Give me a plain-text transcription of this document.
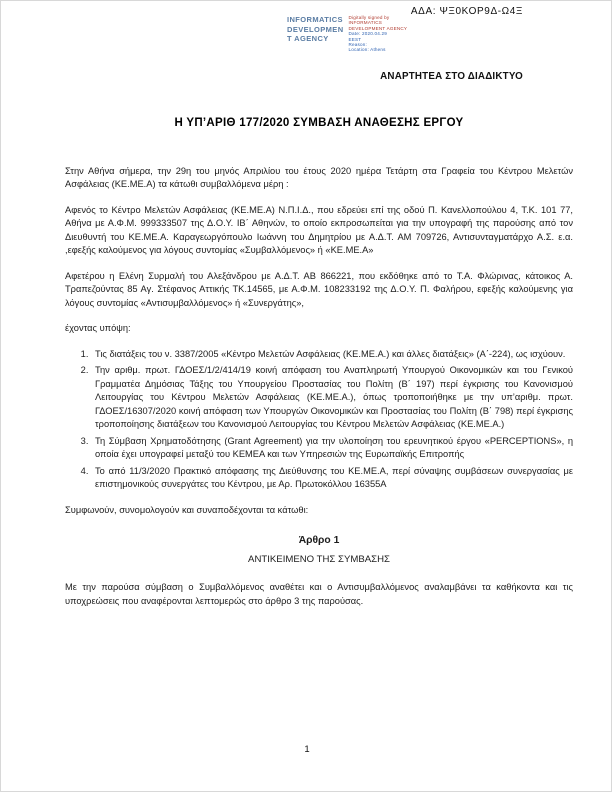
ΑΔΑ: ΨΞ0ΚΟΡ9Δ-Ω4Ξ
INFORMATICS
DEVELOPMEN
T AGENCY
Digitally signed by
INFORMATICS
DEVELOPMENT AGENCY
Date: 2020.04.29
EEST
Reason:
Location: Athens
ΑΝΑΡΤΗΤΕΑ ΣΤΟ ΔΙΑΔΙΚΤΥΟ
Η ΥΠ’ΑΡΙΘ 177/2020 ΣΥΜΒΑΣΗ ΑΝΑΘΕΣΗΣ ΕΡΓΟΥ

Στην Αθήνα σήμερα, την 29η του μηνός Απριλίου του έτους 2020 ημέρα Τετάρτη στα Γραφεία του Κέντρου Μελετών Ασφάλειας (ΚΕ.ΜΕ.Α) τα κάτωθι συμβαλλόμενα μέρη :

Αφενός το Κέντρο Μελετών Ασφάλειας (ΚΕ.ΜΕ.Α) Ν.Π.Ι.Δ., που εδρεύει επί της οδού Π. Κανελλοπούλου 4, Τ.Κ. 101 77, Αθήνα με Α.Φ.Μ. 999333507 της Δ.Ο.Υ. ΙΒ΄ Αθηνών, το οποίο εκπροσωπείται για την υπογραφή της παρούσης από τον Διευθυντή του ΚΕ.ΜΕ.Α. Καραγεωργόπουλο Ιωάννη του Δημητρίου με Α.Δ.Τ. ΑΜ 709726, Αντισυνταγματάρχο Α.Σ. ε.α. ,εφεξής καλούμενος για λόγους συντομίας «Συμβαλλόμενος» ή «ΚΕ.ΜΕ.Α»

Αφετέρου η Ελένη Συρμαλή του Αλεξάνδρου με Α.Δ.Τ. ΑΒ 866221, που εκδόθηκε από το Τ.Α. Φλώρινας, κάτοικος Α. Τραπεζούντας 85 Αγ. Στέφανος Αττικής ΤΚ.14565, με Α.Φ.Μ. 108233192 της Δ.Ο.Υ. Π. Φαλήρου, εφεξής καλούμενης για λόγους συντομίας «Αντισυμβαλλόμενος» ή «Συνεργάτης»,

έχοντας υπόψη:

1. Τις διατάξεις του ν. 3387/2005 «Κέντρο Μελετών Ασφάλειας (ΚΕ.ΜΕ.Α.) και άλλες διατάξεις» (Α΄-224), ως ισχύουν.
2. Την αριθμ. πρωτ. ΓΔΟΕΣ/1/2/414/19 κοινή απόφαση του Αναπληρωτή Υπουργού Οικονομικών και του Γενικού Γραμματέα Δημόσιας Τάξης του Υπουργείου Προστασίας του Πολίτη (Β΄ 197) περί έγκρισης του Κανονισμού Λειτουργίας του Κέντρου Μελετών Ασφάλειας (ΚΕ.ΜΕ.Α.), όπως τροποποιήθηκε με την υπ’αριθμ. πρωτ. ΓΔΟΕΣ/16307/2020 κοινή απόφαση των Υπουργών Οικονομικών και Προστασίας του Πολίτη (Β΄ 798) περί έγκρισης τροποποίησης διατάξεων του Κανονισμού Λειτουργίας του Κέντρου Μελετών Ασφάλειας (ΚΕ.ΜΕ.Α.)
3. Τη Σύμβαση Χρηματοδότησης (Grant Agreement) για την υλοποίηση του ερευνητικού έργου «PERCEPTIONS», η οποία έχει υπογραφεί μεταξύ του ΚΕΜΕΑ και των Υπηρεσιών της Ευρωπαϊκής Επιτροπής
4. Το από 11/3/2020 Πρακτικό απόφασης της Διεύθυνσης του ΚΕ.ΜΕ.Α, περί σύναψης συμβάσεων συνεργασίας με επιστημονικούς συνεργάτες του Κέντρου, με Αρ. Πρωτοκόλλου 16355Α

Συμφωνούν, συνομολογούν και συναποδέχονται τα κάτωθι:

Άρθρο 1
ΑΝΤΙΚΕΙΜΕΝΟ ΤΗΣ ΣΥΜΒΑΣΗΣ

Με την παρούσα σύμβαση ο Συμβαλλόμενος αναθέτει και ο Αντισυμβαλλόμενος αναλαμβάνει τα καθήκοντα και τις υποχρεώσεις που αναφέρονται λεπτομερώς στο άρθρο 3 της παρούσας.

1
